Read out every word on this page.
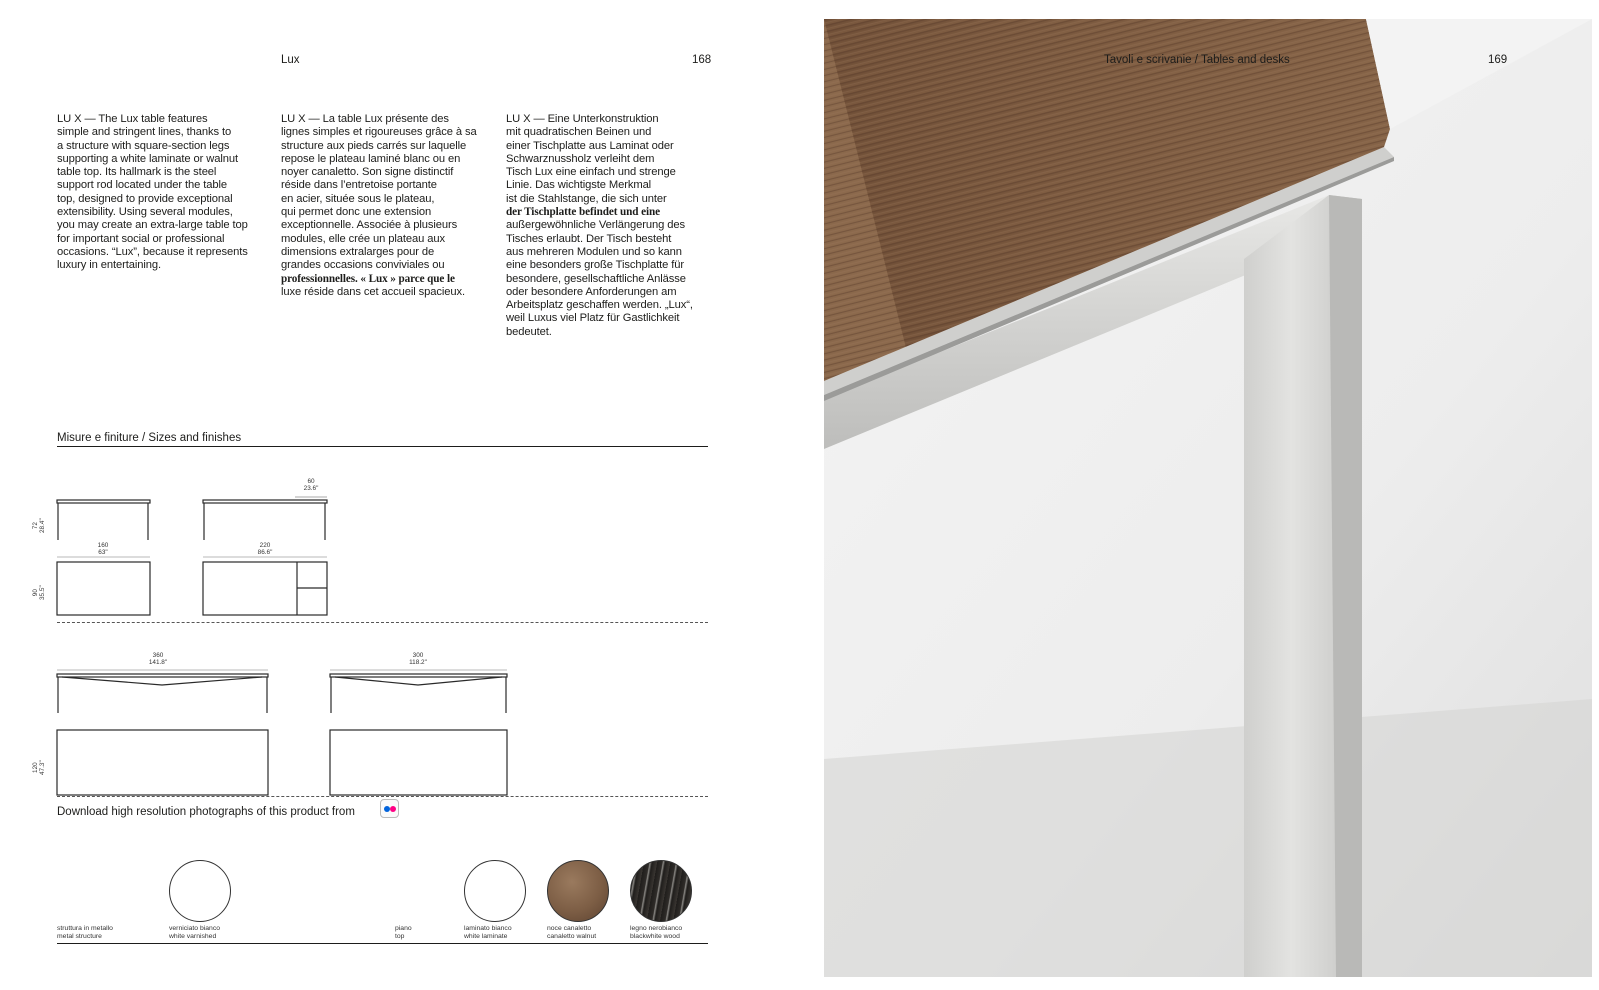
Lux	168

LU X — The Lux table features

simple and stringent lines, thanks to

a structure with square-section legs

supporting a white laminate or walnut

table top. Its hallmark is the steel

support rod located under the table

top, designed to provide exceptional

extensibility. Using several modules,

you may create an extra-large table top

for important social or professional

occasions. “Lux”, because it represents

luxury in entertaining.

LU X — La table Lux présente des

lignes simples et rigoureuses grâce à sa

structure aux pieds carrés sur laquelle

repose le plateau laminé blanc ou en

noyer canaletto. Son signe distinctif

réside dans l’entretoise portante

en acier, située sous le plateau,

qui permet donc une extension

exceptionnelle. Associée à plusieurs

modules, elle crée un plateau aux

dimensions extralarges pour de

grandes occasions conviviales ou

professionnelles. « Lux » parce que le

luxe réside dans cet accueil spacieux.

LU X — Eine Unterkonstruktion

mit quadratischen Beinen und

einer Tischplatte aus Laminat oder

Schwarznussholz verleiht dem

Tisch Lux eine einfach und strenge

Linie. Das wichtigste Merkmal

ist die Stahlstange, die sich unter

der Tischplatte befindet und eine

außergewöhnliche Verlängerung des

Tisches erlaubt. Der Tisch besteht

aus mehreren Modulen und so kann

eine besonders große Tischplatte für

besondere, gesellschaftliche Anlässe

oder besondere Anforderungen am

Arbeitsplatz geschaffen werden. „Lux“,

weil Luxus viel Platz für Gastlichkeit

bedeutet.

Misure e finiture / Sizes and finishes
60
23.6"
160
63"
220
86.6"
360
141.8"
300
118.2"
72 28.4"
90 35.5"
120 47.3"
Download high resolution photographs of this product from
struttura in metallo
metal structure
verniciato bianco
white varnished
piano
top
laminato bianco
white laminate
noce canaletto
canaletto walnut
legno nerobianco
blackwhite wood
Tavoli e scrivanie / Tables and desks	169
